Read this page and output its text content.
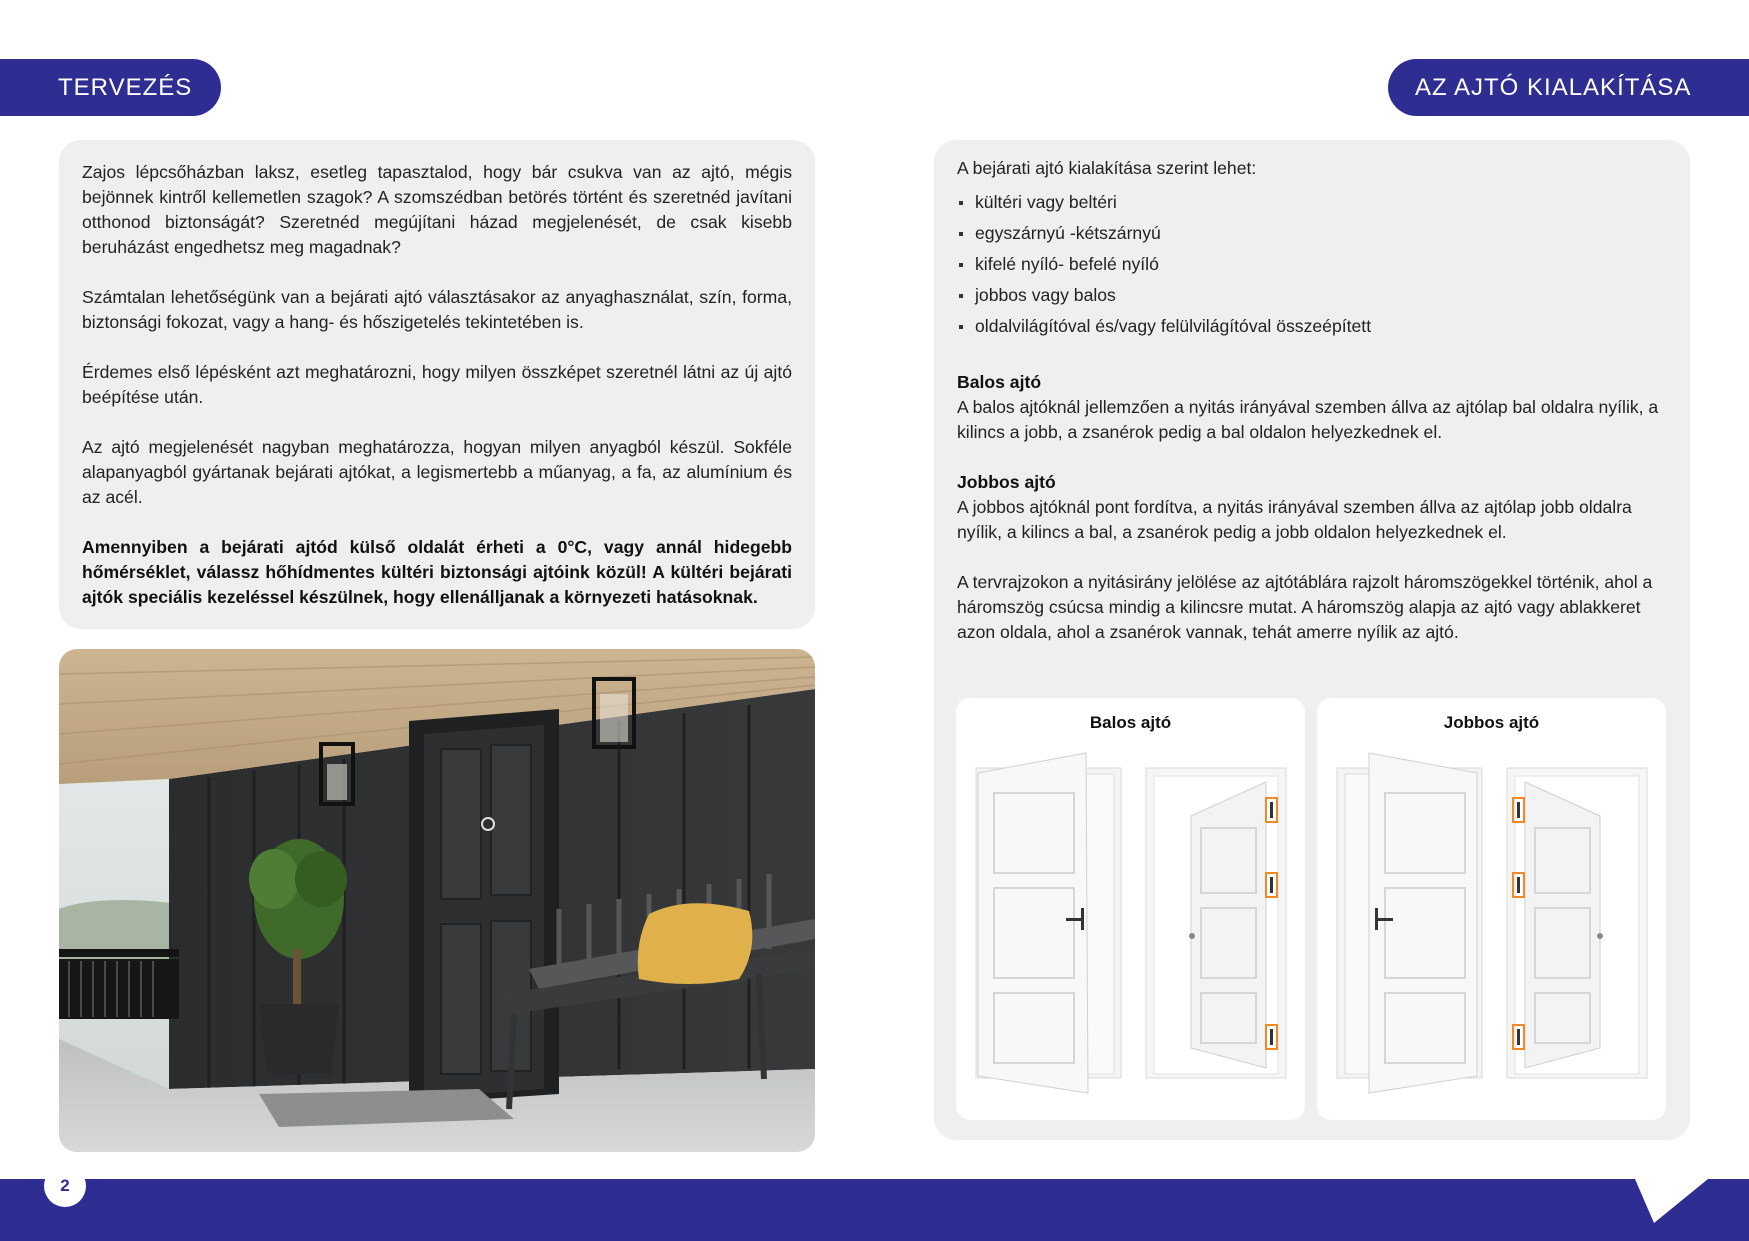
TERVEZÉS	AZ AJTÓ KIALAKÍTÁSA

Zajos lépcsőházban laksz, esetleg tapasztalod, hogy bár csukva van az ajtó, mégis bejönnek kintről kellemetlen szagok? A szomszédban betörés történt és szeretnéd javítani otthonod biztonságát? Szeretnéd megújítani házad megjelenését, de csak kisebb beruházást engedhetsz meg magadnak?

Számtalan lehetőségünk van a bejárati ajtó választásakor az anyaghasználat, szín, forma, biztonsági fokozat, vagy a hang- és hőszigetelés tekintetében is.

Érdemes első lépésként azt meghatározni, hogy milyen összképet szeretnél látni az új ajtó beépítése után.

Az ajtó megjelenését nagyban meghatározza, hogyan milyen anyagból készül. Sokféle alapanyagból gyártanak bejárati ajtókat, a legismertebb a műanyag, a fa, az alumínium és az acél.

Amennyiben a bejárati ajtód külső oldalát érheti a 0°C, vagy annál hidegebb hőmérséklet, válassz hőhídmentes kültéri biztonsági ajtóink közül! A kültéri bejárati ajtók speciális kezeléssel készülnek, hogy ellenálljanak a környezeti hatásoknak.

A bejárati ajtó kialakítása szerint lehet:

kültéri vagy beltéri
egyszárnyú -kétszárnyú
kifelé nyíló- befelé nyíló
jobbos vagy balos
oldalvilágítóval és/vagy felülvilágítóval összeépített

Balos ajtó

A balos ajtóknál jellemzően a nyitás irányával szemben állva az ajtólap bal oldalra nyílik, a kilincs a jobb, a zsanérok pedig a bal oldalon helyezkednek el.

Jobbos ajtó

A jobbos ajtóknál pont fordítva, a nyitás irányával szemben állva az ajtólap jobb oldalra nyílik, a kilincs a bal, a zsanérok pedig a jobb oldalon helyezkednek el.

A tervrajzokon a nyitásirány jelölése az ajtótáblára rajzolt háromszögekkel történik, ahol a háromszög csúcsa mindig a kilincsre mutat. A háromszög alapja az ajtó vagy ablakkeret azon oldala, ahol a zsanérok vannak, tehát amerre nyílik az ajtó.

Balos ajtó	Jobbos ajtó
2	3
